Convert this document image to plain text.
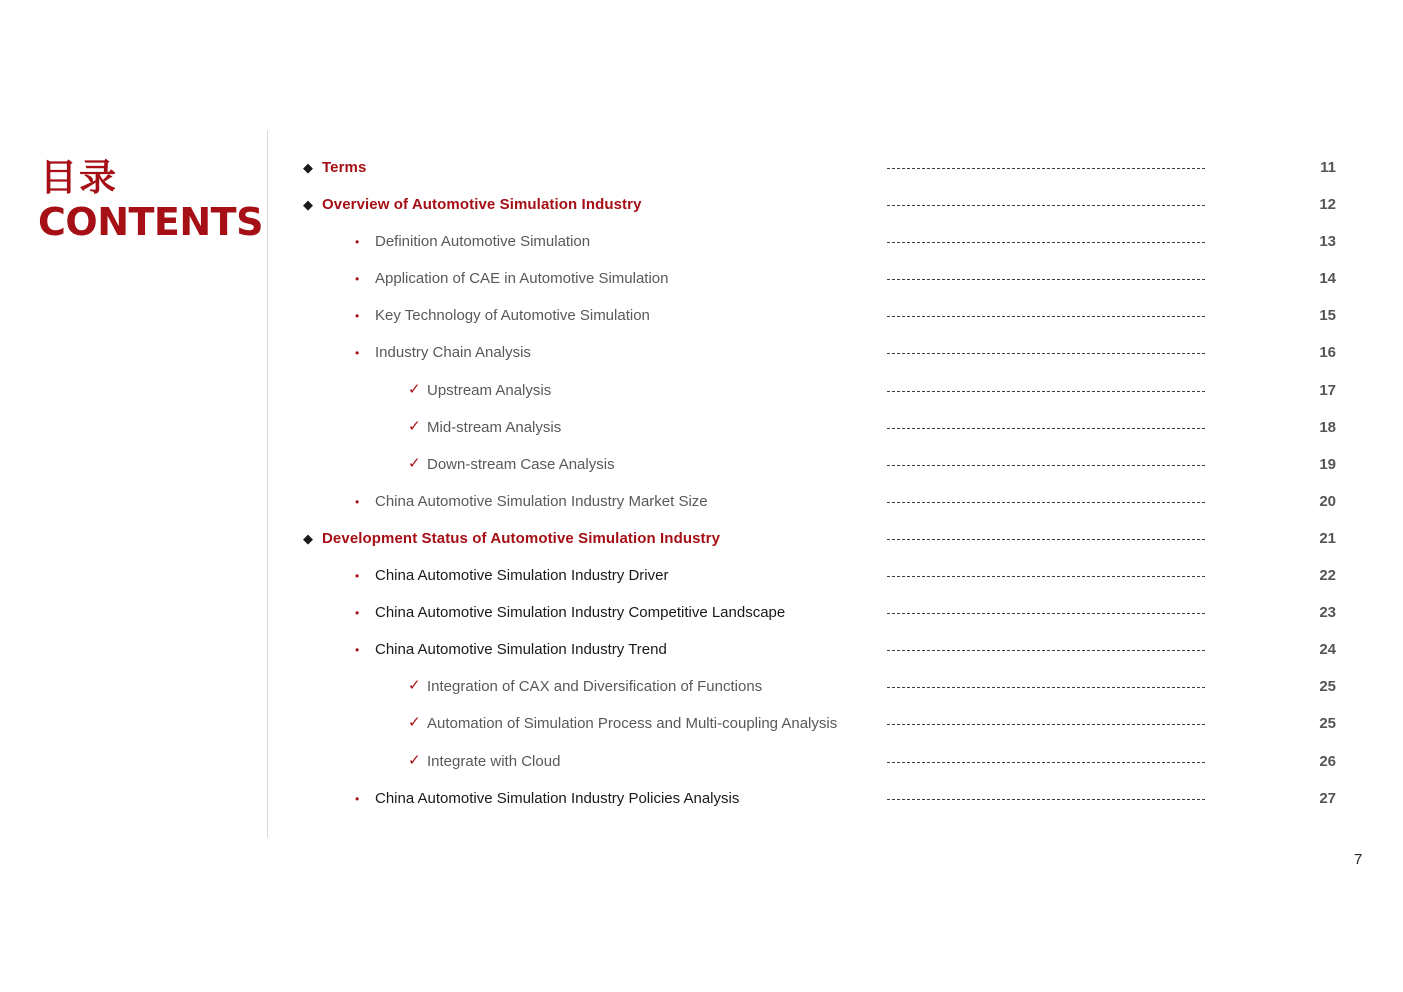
目录
CONTENTS
◆ Terms	11
◆ Overview of Automotive Simulation Industry	12
• Definition Automotive Simulation	13
• Application of CAE in Automotive Simulation	14
• Key Technology of Automotive Simulation	15
• Industry Chain Analysis	16
✓ Upstream Analysis	17
✓ Mid-stream Analysis	18
✓ Down-stream Case Analysis	19
• China Automotive Simulation Industry Market Size	20
◆ Development Status of Automotive Simulation Industry	21
• China Automotive Simulation Industry Driver	22
• China Automotive Simulation Industry Competitive Landscape	23
• China Automotive Simulation Industry Trend	24
✓ Integration of CAX and Diversification of Functions	25
✓ Automation of Simulation Process and Multi-coupling Analysis	25
✓ Integrate with Cloud	26
• China Automotive Simulation Industry Policies Analysis	27
7
